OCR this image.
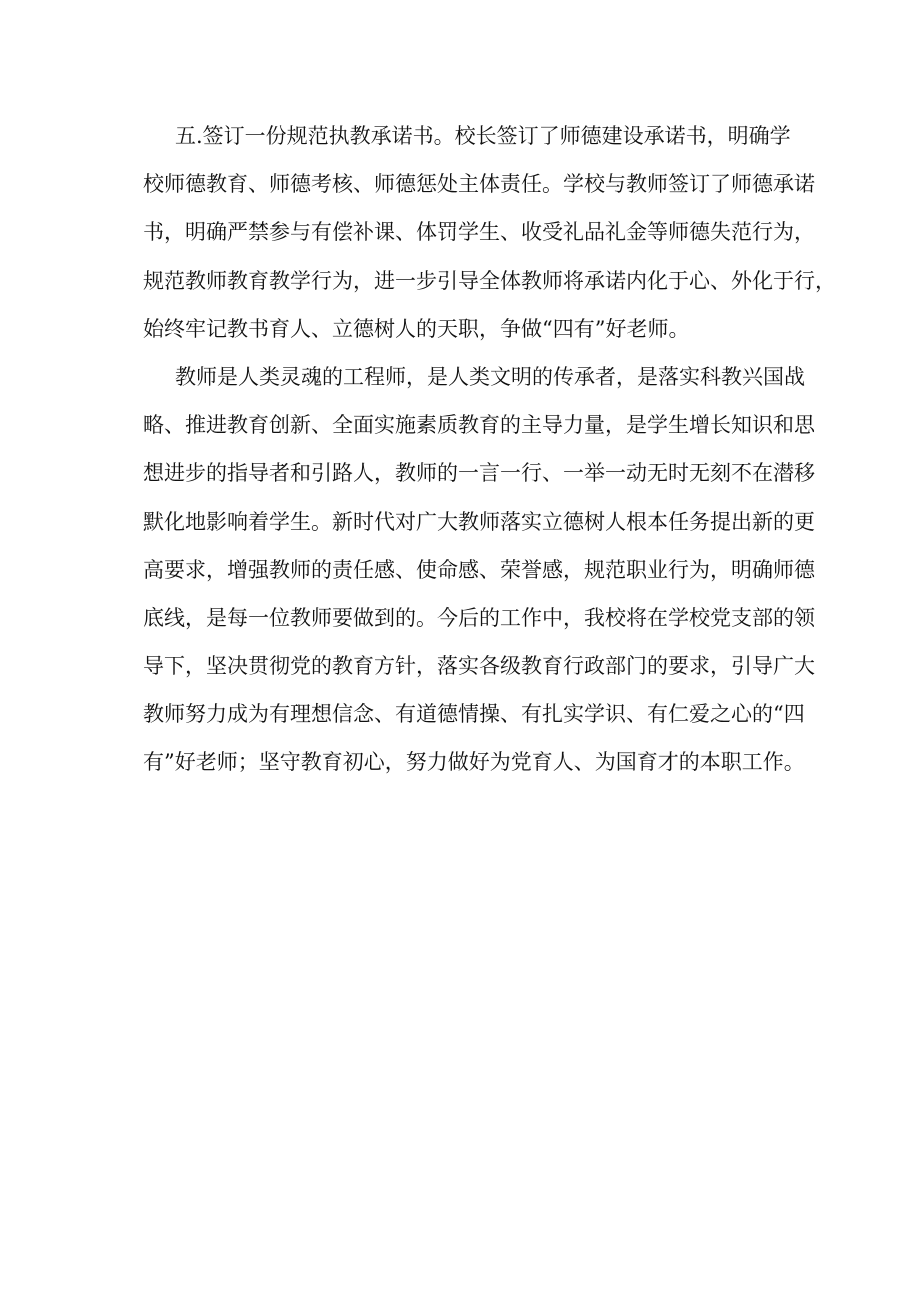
五.签订一份规范执教承诺书。校长签订了师德建设承诺书，明确学
校师德教育、师德考核、师德惩处主体责任。学校与教师签订了师德承诺
书，明确严禁参与有偿补课、体罚学生、收受礼品礼金等师德失范行为，
规范教师教育教学行为，进一步引导全体教师将承诺内化于心、外化于行，
始终牢记教书育人、立德树人的天职，争做“四有”好老师。
教师是人类灵魂的工程师，是人类文明的传承者，是落实科教兴国战
略、推进教育创新、全面实施素质教育的主导力量，是学生增长知识和思
想进步的指导者和引路人，教师的一言一行、一举一动无时无刻不在潜移
默化地影响着学生。新时代对广大教师落实立德树人根本任务提出新的更
高要求，增强教师的责任感、使命感、荣誉感，规范职业行为，明确师德
底线，是每一位教师要做到的。今后的工作中，我校将在学校党支部的领
导下，坚决贯彻党的教育方针，落实各级教育行政部门的要求，引导广大
教师努力成为有理想信念、有道德情操、有扎实学识、有仁爱之心的“四
有”好老师；坚守教育初心，努力做好为党育人、为国育才的本职工作。
